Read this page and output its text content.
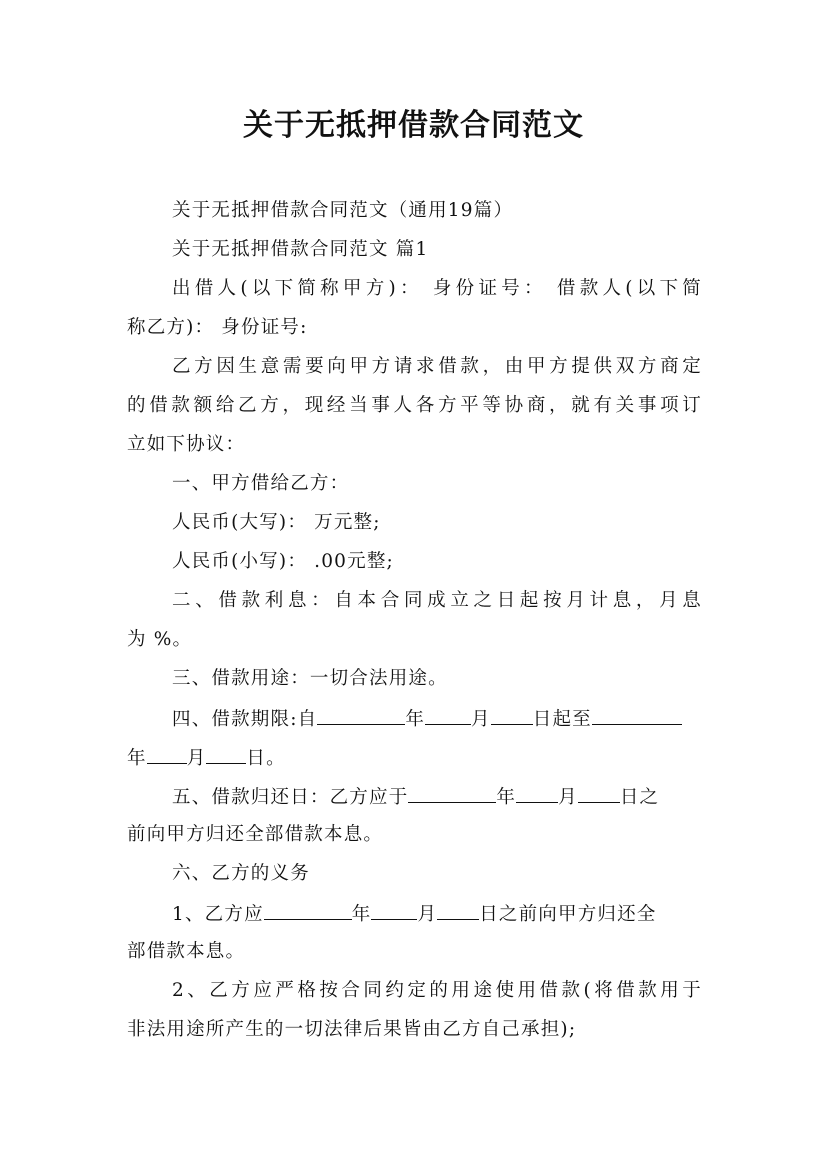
关于无抵押借款合同范文
关于无抵押借款合同范文（通用19篇）
关于无抵押借款合同范文 篇1
出借人(以下简称甲方)： 身份证号： 借款人(以下简
称乙方)： 身份证号:
乙方因生意需要向甲方请求借款，由甲方提供双方商定
的借款额给乙方，现经当事人各方平等协商，就有关事项订
立如下协议：
一、甲方借给乙方：
人民币(大写)： 万元整;
人民币(小写)： .00元整;
二、借款利息：自本合同成立之日起按月计息，月息
为 %。
三、借款用途：一切合法用途。
四、借款期限:自	年 月 日起至
年 月 日。
五、借款归还日：乙方应于	年 月 日之
前向甲方归还全部借款本息。
六、乙方的义务
1、乙方应	年 月 日之前向甲方归还全
部借款本息。
2、乙方应严格按合同约定的用途使用借款(将借款用于
非法用途所产生的一切法律后果皆由乙方自己承担);
